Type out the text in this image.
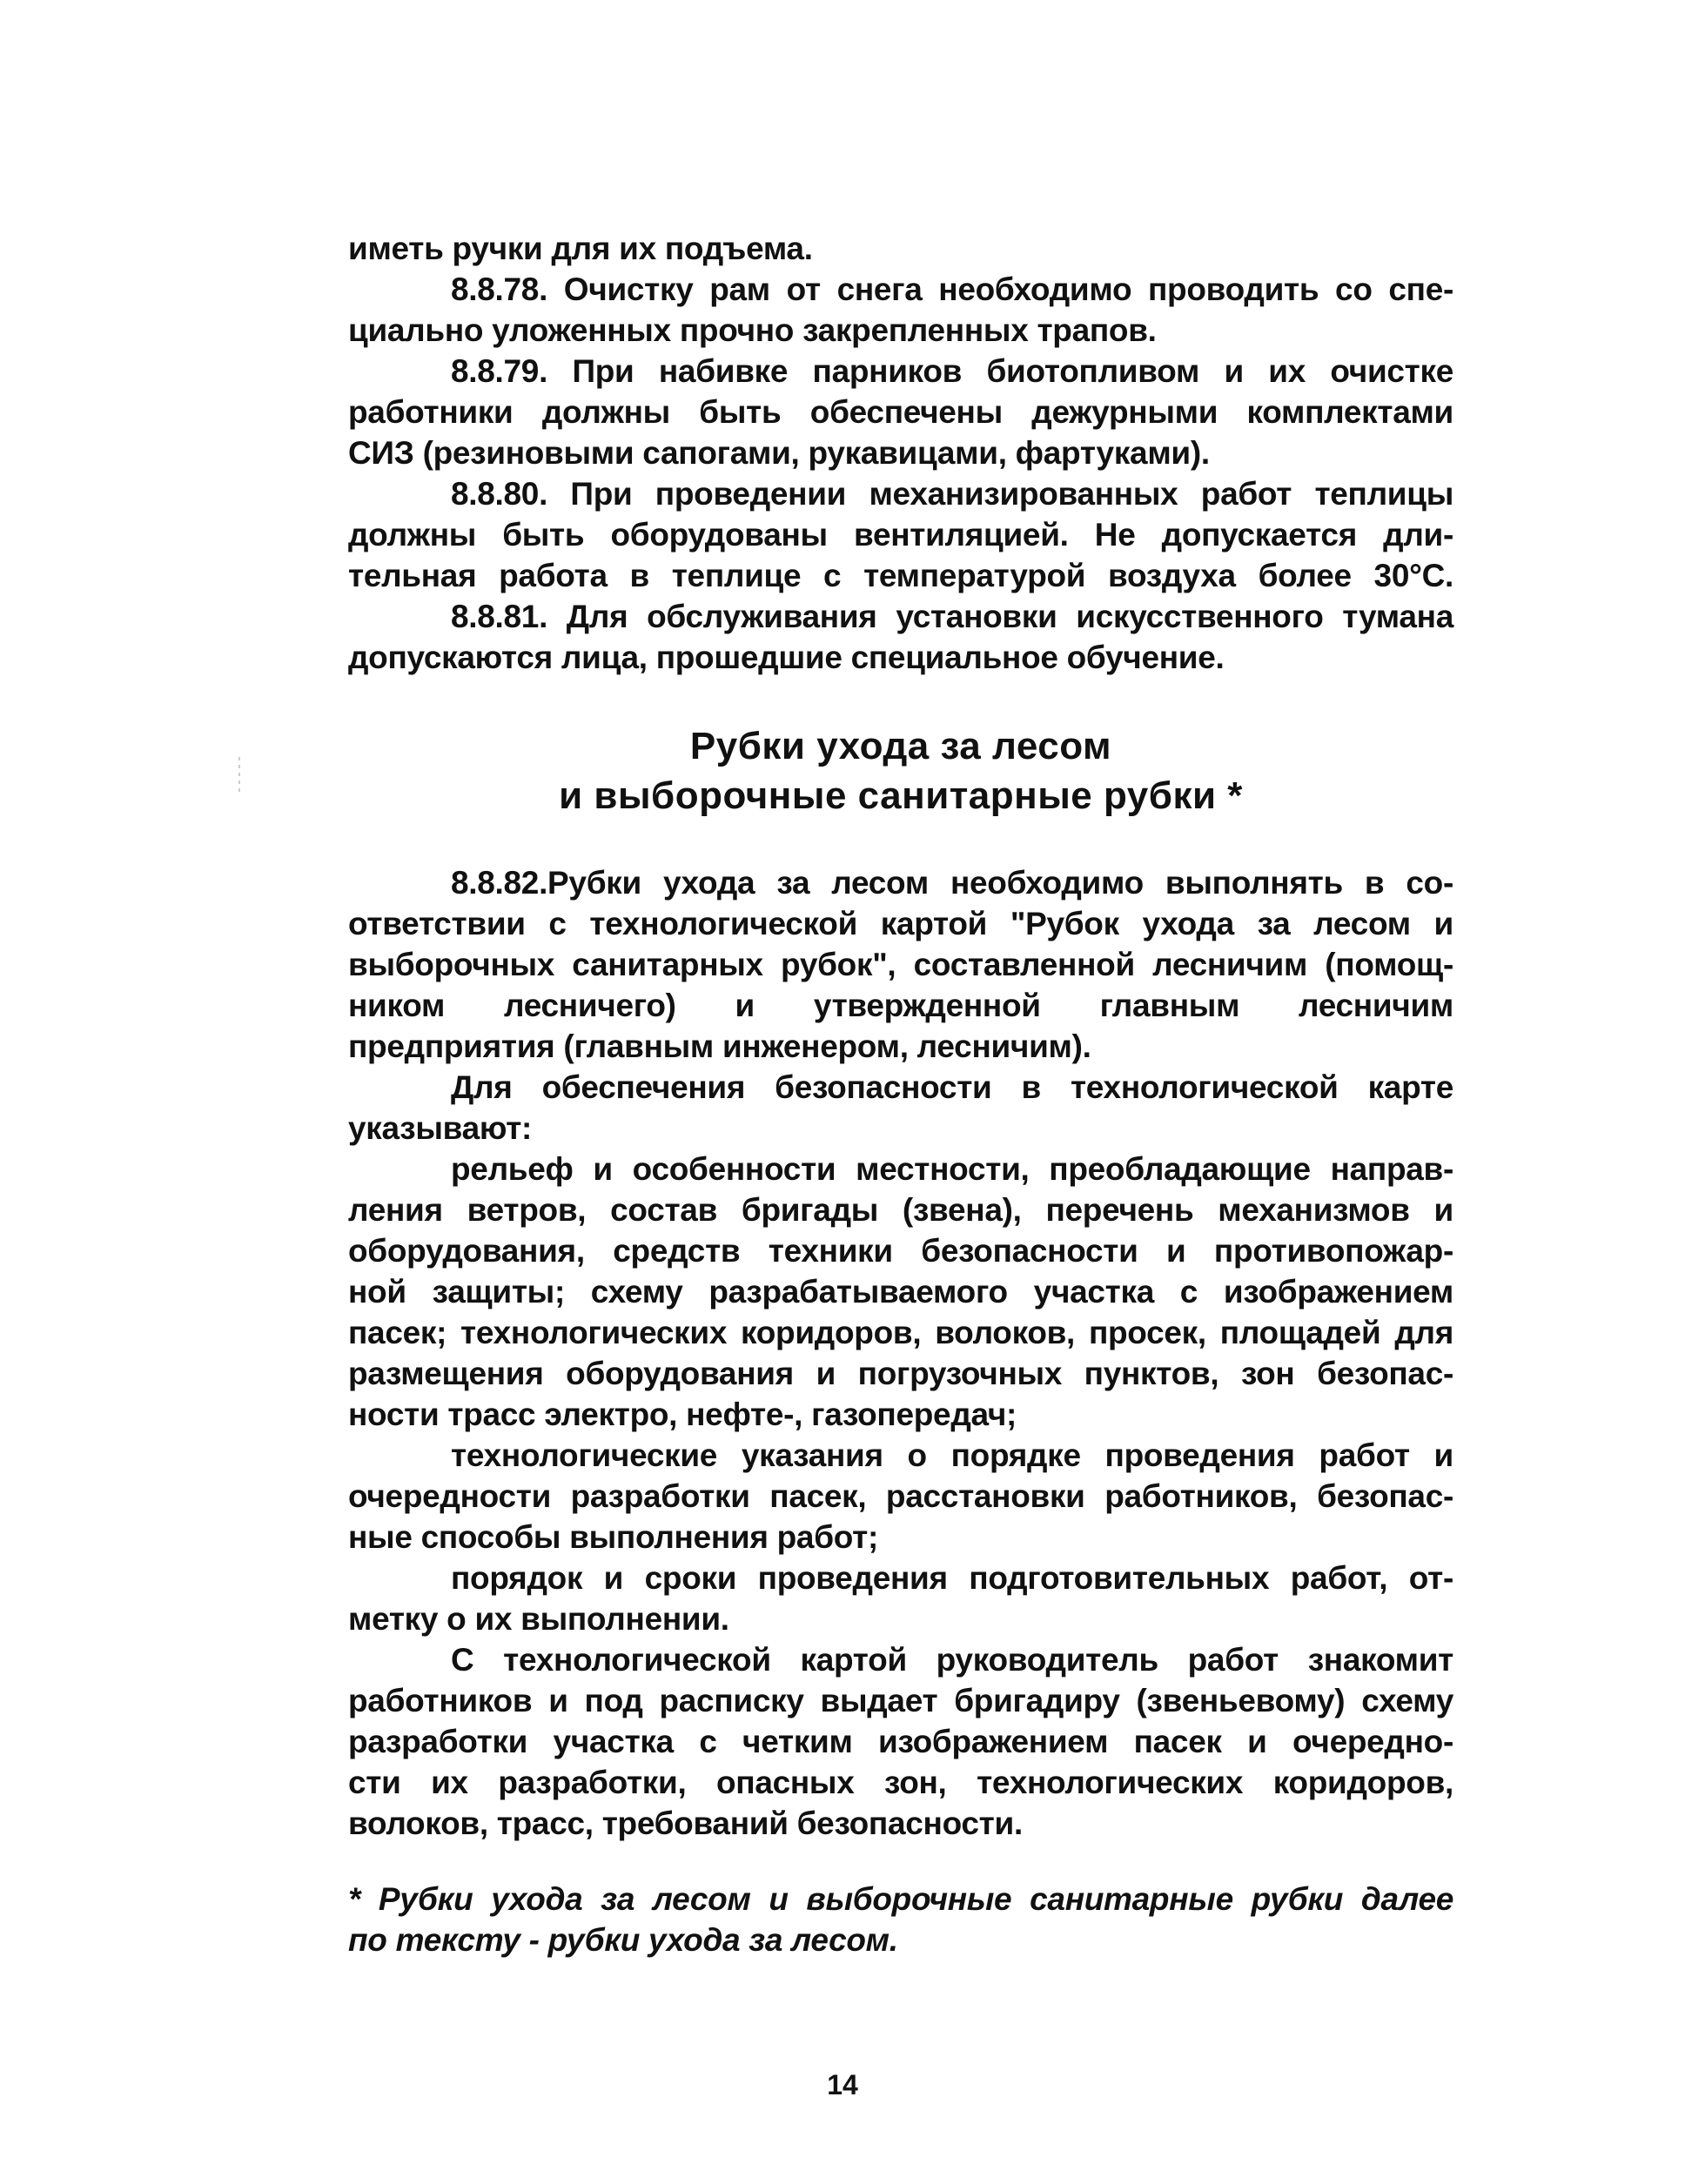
иметь ручки для их подъема.
8.8.78. Очистку рам от снега необходимо проводить со спе-
циально уложенных прочно закрепленных трапов.
8.8.79. При набивке парников биотопливом и их очистке
работники должны быть обеспечены дежурными комплектами
СИЗ (резиновыми сапогами, рукавицами, фартуками).
8.8.80. При проведении механизированных работ теплицы
должны быть оборудованы вентиляцией. Не допускается дли-
тельная работа в теплице с температурой воздуха более 30°С.
8.8.81. Для обслуживания установки искусственного тумана
допускаются лица, прошедшие специальное обучение.
Рубки ухода за лесом
и выборочные санитарные рубки *
8.8.82.Рубки ухода за лесом необходимо выполнять в со-
ответствии с технологической картой "Рубок ухода за лесом и
выборочных санитарных рубок", составленной лесничим (помощ-
ником лесничего) и утвержденной главным лесничим
предприятия (главным инженером, лесничим).
Для обеспечения безопасности в технологической карте
указывают:
рельеф и особенности местности, преобладающие направ-
ления ветров, состав бригады (звена), перечень механизмов и
оборудования, средств техники безопасности и противопожар-
ной защиты; схему разрабатываемого участка с изображением
пасек; технологических коридоров, волоков, просек, площадей для
размещения оборудования и погрузочных пунктов, зон безопас-
ности трасс электро, нефте-, газопередач;
технологические указания о порядке проведения работ и
очередности разработки пасек, расстановки работников, безопас-
ные способы выполнения работ;
порядок и сроки проведения подготовительных работ, от-
метку о их выполнении.
С технологической картой руководитель работ знакомит
работников и под расписку выдает бригадиру (звеньевому) схему
разработки участка с четким изображением пасек и очередно-
сти их разработки, опасных зон, технологических коридоров,
волоков, трасс, требований безопасности.
* Рубки ухода за лесом и выборочные санитарные рубки далее
по тексту - рубки ухода за лесом.
14
